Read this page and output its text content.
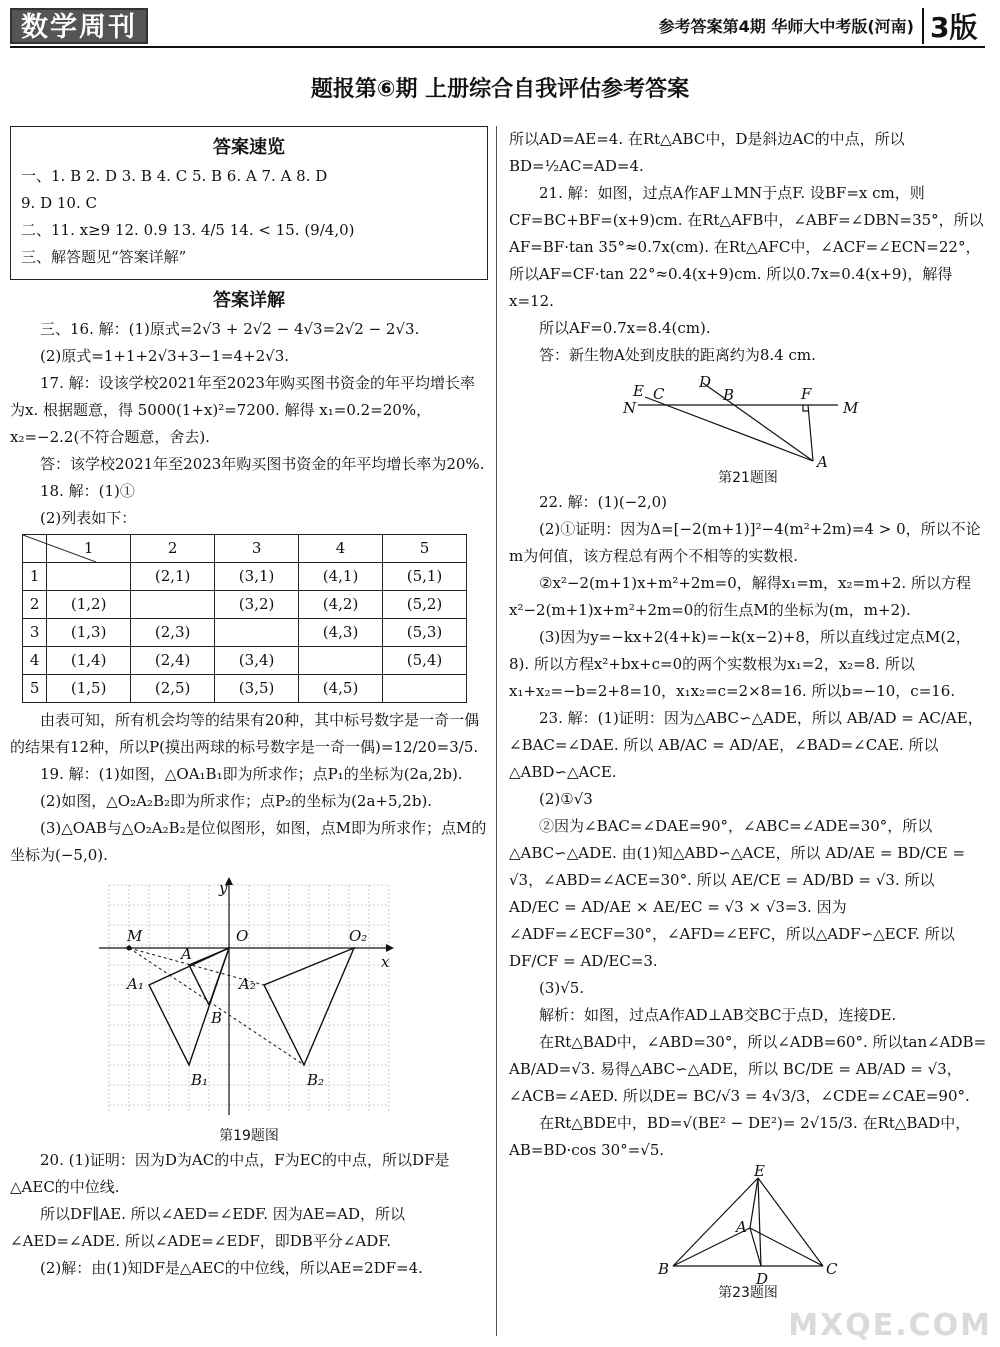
数学周刊	参考答案第4期 华师大中考版(河南) 3版
题报第⑥期 上册综合自我评估参考答案
答案速览

一、1. B 2. D 3. B 4. C 5. B 6. A 7. A 8. D

9. D 10. C

二、11. x≥9 12. 0.9 13. 4/5 14. < 15. (9/4,0)

三、解答题见“答案详解”

答案详解

三、16. 解：(1)原式=2√3 + 2√2 − 4√3=2√2 − 2√3.

(2)原式=1+1+2√3+3−1=4+2√3.

17. 解：设该学校2021年至2023年购买图书资金的年平均增长率为x. 根据题意，得 5000(1+x)²=7200. 解得 x₁=0.2=20%，x₂=−2.2(不符合题意，舍去).

答：该学校2021年至2023年购买图书资金的年平均增长率为20%.

18. 解：(1)①

(2)列表如下：

	1	2	3	4	5
1		(2,1)	(3,1)	(4,1)	(5,1)
2	(1,2)		(3,2)	(4,2)	(5,2)
3	(1,3)	(2,3)		(4,3)	(5,3)
4	(1,4)	(2,4)	(3,4)		(5,4)
5	(1,5)	(2,5)	(3,5)	(4,5)	

由表可知，所有机会均等的结果有20种，其中标号数字是一奇一偶的结果有12种，所以P(摸出两球的标号数字是一奇一偶)=12/20=3/5.

19. 解：(1)如图，△OA₁B₁即为所求作；点P₁的坐标为(2a,2b).

(2)如图，△O₂A₂B₂即为所求作；点P₂的坐标为(2a+5,2b).

(3)△OAB与△O₂A₂B₂是位似图形，如图，点M即为所求作；点M的坐标为(−5,0).

y
x
M	O	O₂
A
A₁	A₂
B
B₁	B₂
第19题图

20. (1)证明：因为D为AC的中点，F为EC的中点，所以DF是△AEC的中位线.

所以DF∥AE. 所以∠AED=∠EDF. 因为AE=AD，所以∠AED=∠ADE. 所以∠ADE=∠EDF，即DB平分∠ADF.

(2)解：由(1)知DF是△AEC的中位线，所以AE=2DF=4.

所以AD=AE=4. 在Rt△ABC中，D是斜边AC的中点，所以BD=½AC=AD=4.

21. 解：如图，过点A作AF⊥MN于点F. 设BF=x cm，则CF=BC+BF=(x+9)cm. 在Rt△AFB中，∠ABF=∠DBN=35°，所以AF=BF·tan 35°≈0.7x(cm). 在Rt△AFC中，∠ACF=∠ECN=22°，所以AF=CF·tan 22°≈0.4(x+9)cm. 所以0.7x=0.4(x+9)，解得x=12.

所以AF=0.7x=8.4(cm).

答：新生物A处到皮肤的距离约为8.4 cm.

E C
D
B	F
N	M
A
第21题图

22. 解：(1)(−2,0)

(2)①证明：因为Δ=[−2(m+1)]²−4(m²+2m)=4 > 0，所以不论m为何值，该方程总有两个不相等的实数根.

②x²−2(m+1)x+m²+2m=0，解得x₁=m，x₂=m+2. 所以方程x²−2(m+1)x+m²+2m=0的衍生点M的坐标为(m，m+2).

(3)因为y=−kx+2(4+k)=−k(x−2)+8，所以直线过定点M(2，8). 所以方程x²+bx+c=0的两个实数根为x₁=2，x₂=8. 所以x₁+x₂=−b=2+8=10，x₁x₂=c=2×8=16. 所以b=−10，c=16.

23. 解：(1)证明：因为△ABC∽△ADE，所以 AB/AD = AC/AE，∠BAC=∠DAE. 所以 AB/AC = AD/AE，∠BAD=∠CAE. 所以△ABD∽△ACE.

(2)①√3

②因为∠BAC=∠DAE=90°，∠ABC=∠ADE=30°，所以△ABC∽△ADE. 由(1)知△ABD∽△ACE，所以 AD/AE = BD/CE = √3，∠ABD=∠ACE=30°. 所以 AE/CE = AD/BD = √3. 所以 AD/EC = AD/AE × AE/EC = √3 × √3=3. 因为∠ADF=∠ECF=30°，∠AFD=∠EFC，所以△ADF∽△ECF. 所以 DF/CF = AD/EC=3.

(3)√5.

解析：如图，过点A作AD⊥AB交BC于点D，连接DE.

在Rt△BAD中，∠ABD=30°，所以∠ADB=60°. 所以tan∠ADB= AB/AD=√3. 易得△ABC∽△ADE，所以 BC/DE = AB/AD = √3，∠ACB=∠AED. 所以DE= BC/√3 = 4√3/3，∠CDE=∠CAE=90°.

在Rt△BDE中，BD=√(BE² − DE²)= 2√15/3. 在Rt△BAD中，AB=BD·cos 30°=√5.

E
A
B
D
C
第23题图
MXQE.COM
